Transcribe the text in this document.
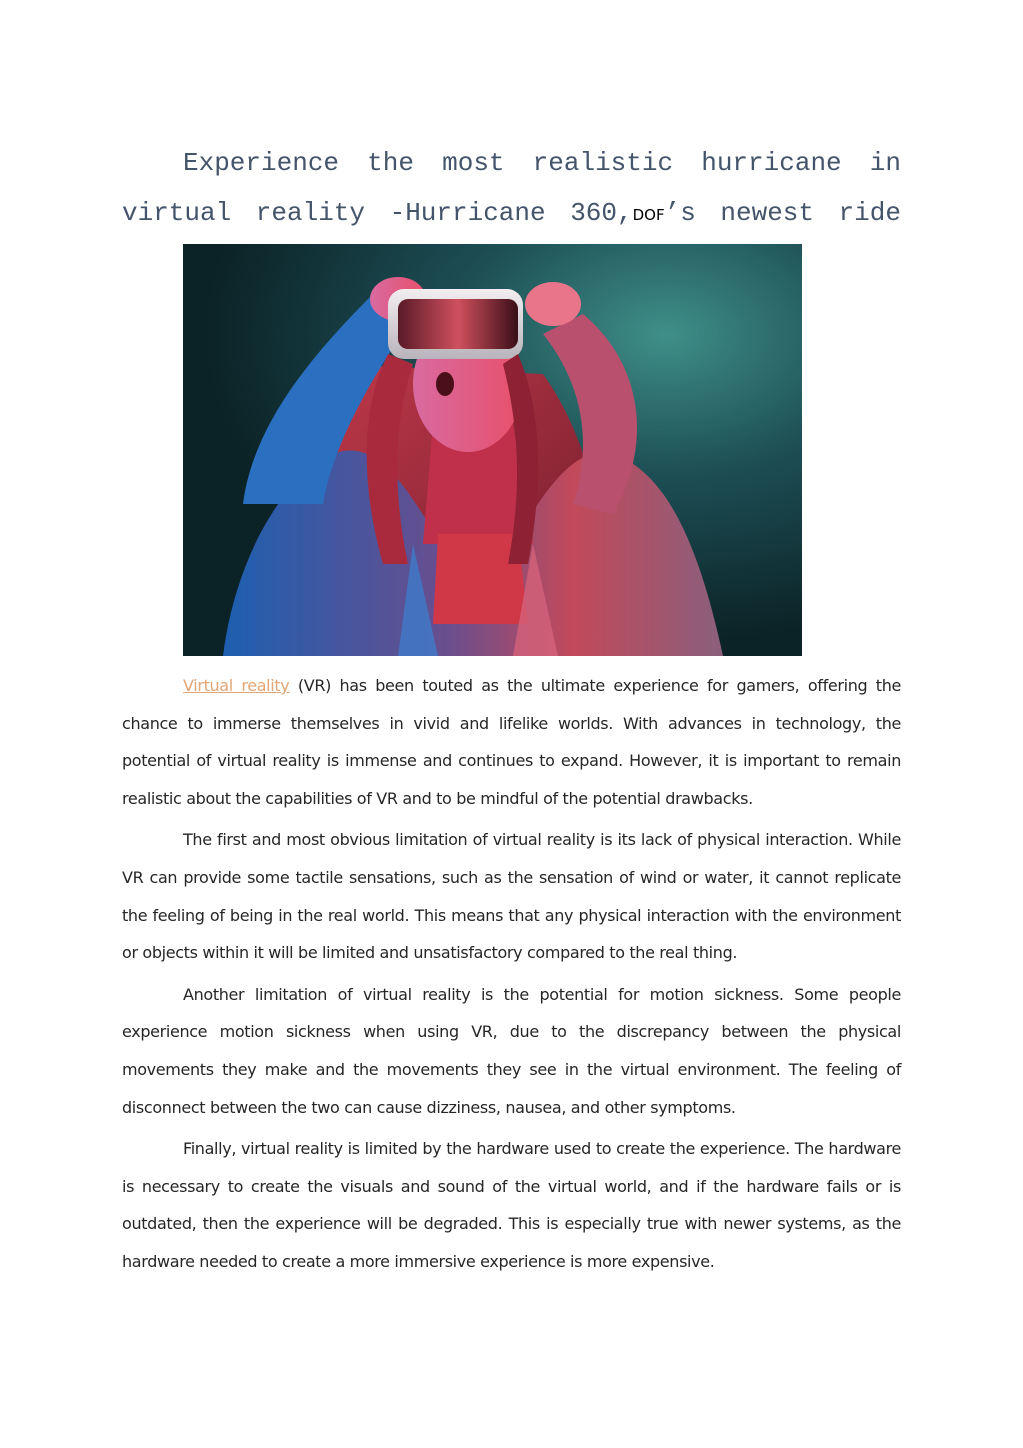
Experience the most realistic hurricane in
virtual reality -Hurricane 360,DOF’s newest ride

Virtual reality (VR) has been touted as the ultimate experience for gamers, offering the chance to immerse themselves in vivid and lifelike worlds. With advances in technology, the potential of virtual reality is immense and continues to expand. However, it is important to remain realistic about the capabilities of VR and to be mindful of the potential drawbacks.

The first and most obvious limitation of virtual reality is its lack of physical interaction. While VR can provide some tactile sensations, such as the sensation of wind or water, it cannot replicate the feeling of being in the real world. This means that any physical interaction with the environment or objects within it will be limited and unsatisfactory compared to the real thing.

Another limitation of virtual reality is the potential for motion sickness. Some people experience motion sickness when using VR, due to the discrepancy between the physical movements they make and the movements they see in the virtual environment. The feeling of disconnect between the two can cause dizziness, nausea, and other symptoms.

Finally, virtual reality is limited by the hardware used to create the experience. The hardware is necessary to create the visuals and sound of the virtual world, and if the hardware fails or is outdated, then the experience will be degraded. This is especially true with newer systems, as the hardware needed to create a more immersive experience is more expensive.
